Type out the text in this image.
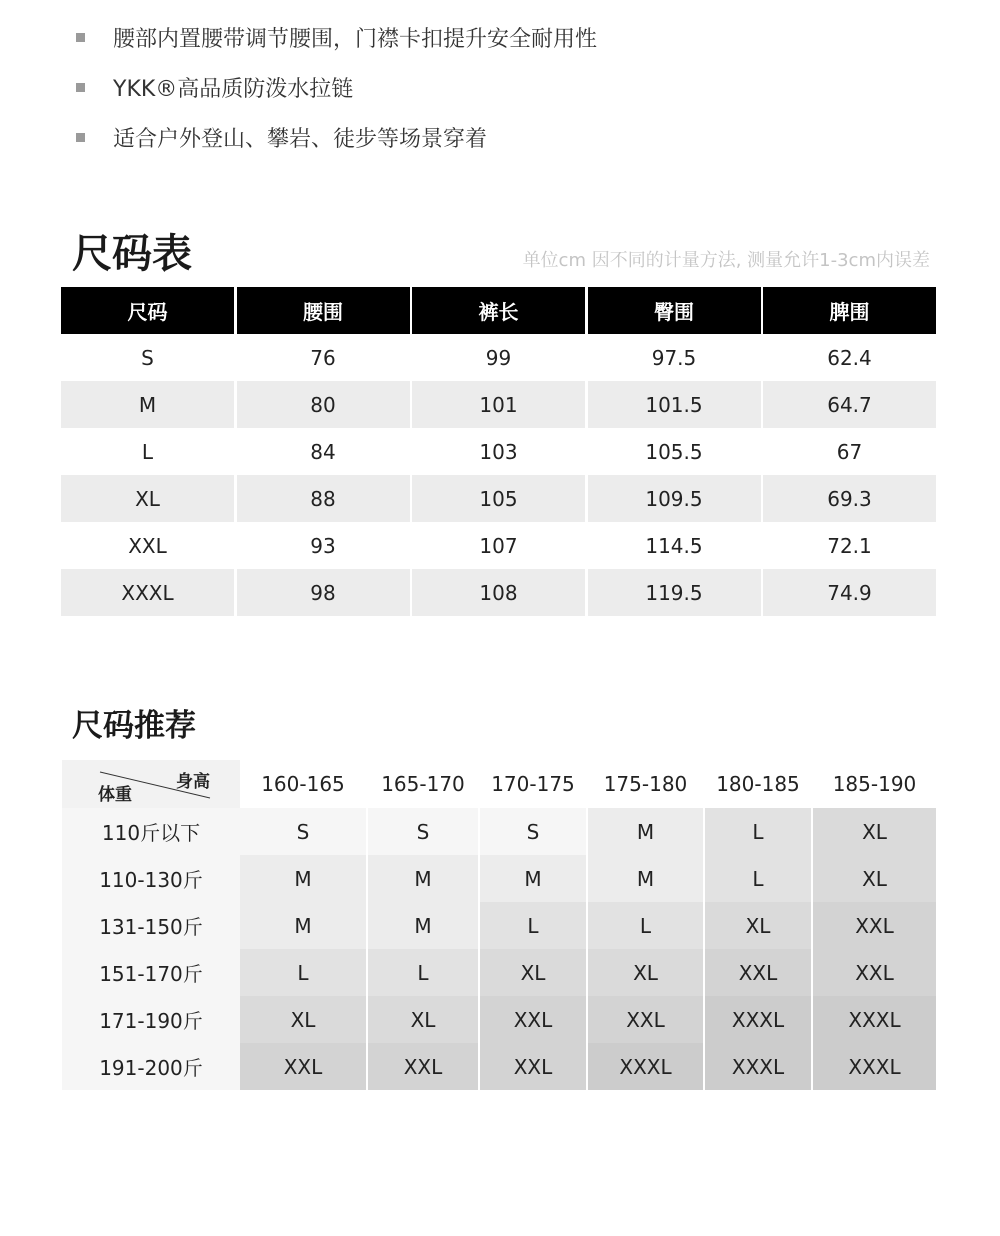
腰部内置腰带调节腰围，门襟卡扣提升安全耐用性
YKK®高品质防泼水拉链
适合户外登山、攀岩、徒步等场景穿着
尺码表	单位cm 因不同的计量方法, 测量允许1-3cm内误差
尺码	腰围	裤长	臀围	脾围
S	76	99	97.5	62.4
M	80	101	101.5	64.7
L	84	103	105.5	67
XL	88	105	109.5	69.3
XXL	93	107	114.5	72.1
XXXL	98	108	119.5	74.9
尺码推荐
身高
体重	160-165	165-170	170-175	175-180	180-185	185-190
110斤以下	S	S	S	M	L	XL
110-130斤	M	M	M	M	L	XL
131-150斤	M	M	L	L	XL	XXL
151-170斤	L	L	XL	XL	XXL	XXL
171-190斤	XL	XL	XXL	XXL	XXXL	XXXL
191-200斤	XXL	XXL	XXL	XXXL	XXXL	XXXL
